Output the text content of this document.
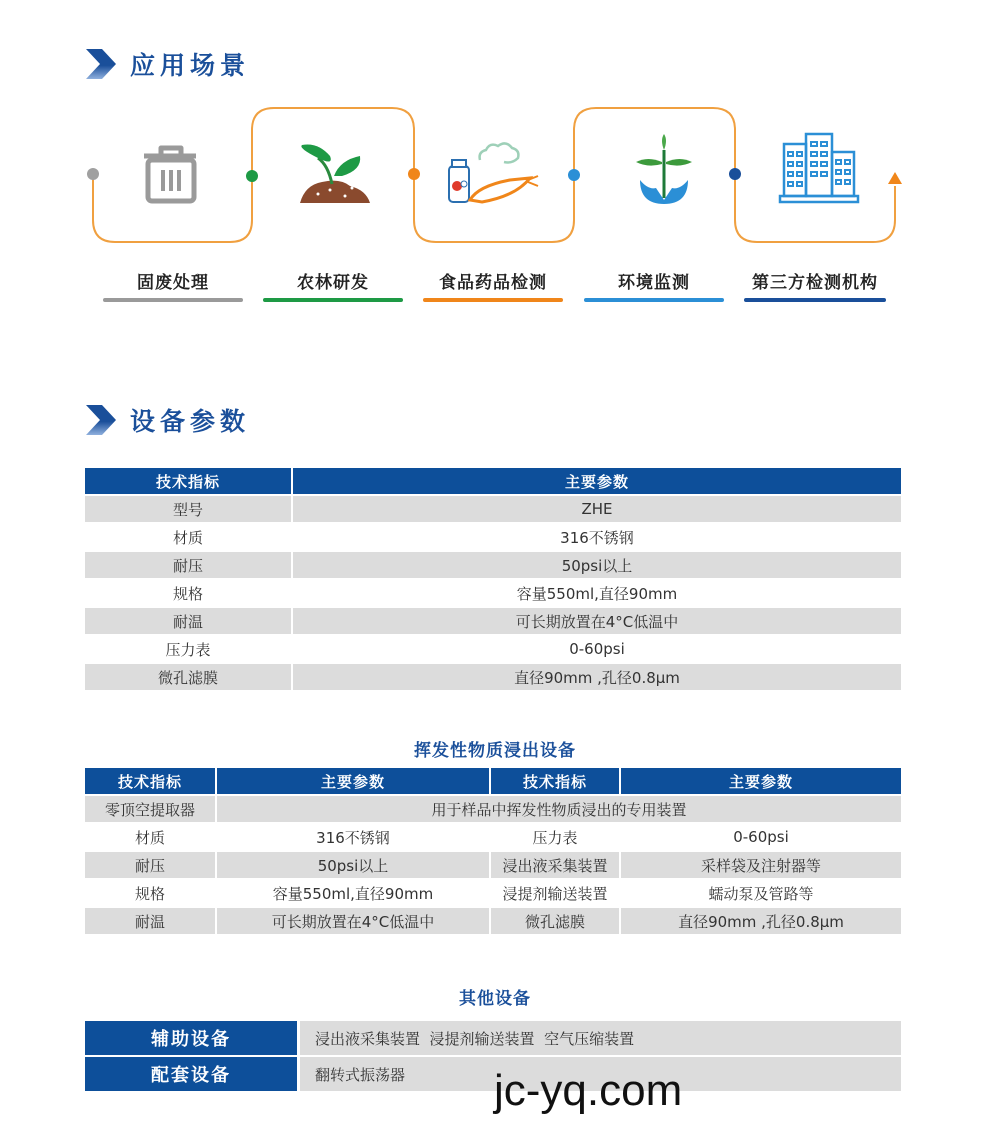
应用场景
固废处理	农林研发	食品药品检测	环境监测	第三方检测机构
设备参数
技术指标	主要参数
型号	ZHE
材质	316不锈钢
耐压	50psi以上
规格	容量550ml,直径90mm
耐温	可长期放置在4°C低温中
压力表	0-60psi
微孔滤膜	直径90mm ,孔径0.8μm
挥发性物质浸出设备
技术指标	主要参数	技术指标	主要参数
零顶空提取器	用于样品中挥发性物质浸出的专用装置		
材质	316不锈钢	压力表	0-60psi
耐压	50psi以上	浸出液采集装置	采样袋及注射器等
规格	容量550ml,直径90mm	浸提剂输送装置	蠕动泵及管路等
耐温	可长期放置在4°C低温中	微孔滤膜	直径90mm ,孔径0.8μm
其他设备
辅助设备	浸出液采集装置  浸提剂输送装置  空气压缩装置
配套设备	翻转式振荡器	jc-yq.com
